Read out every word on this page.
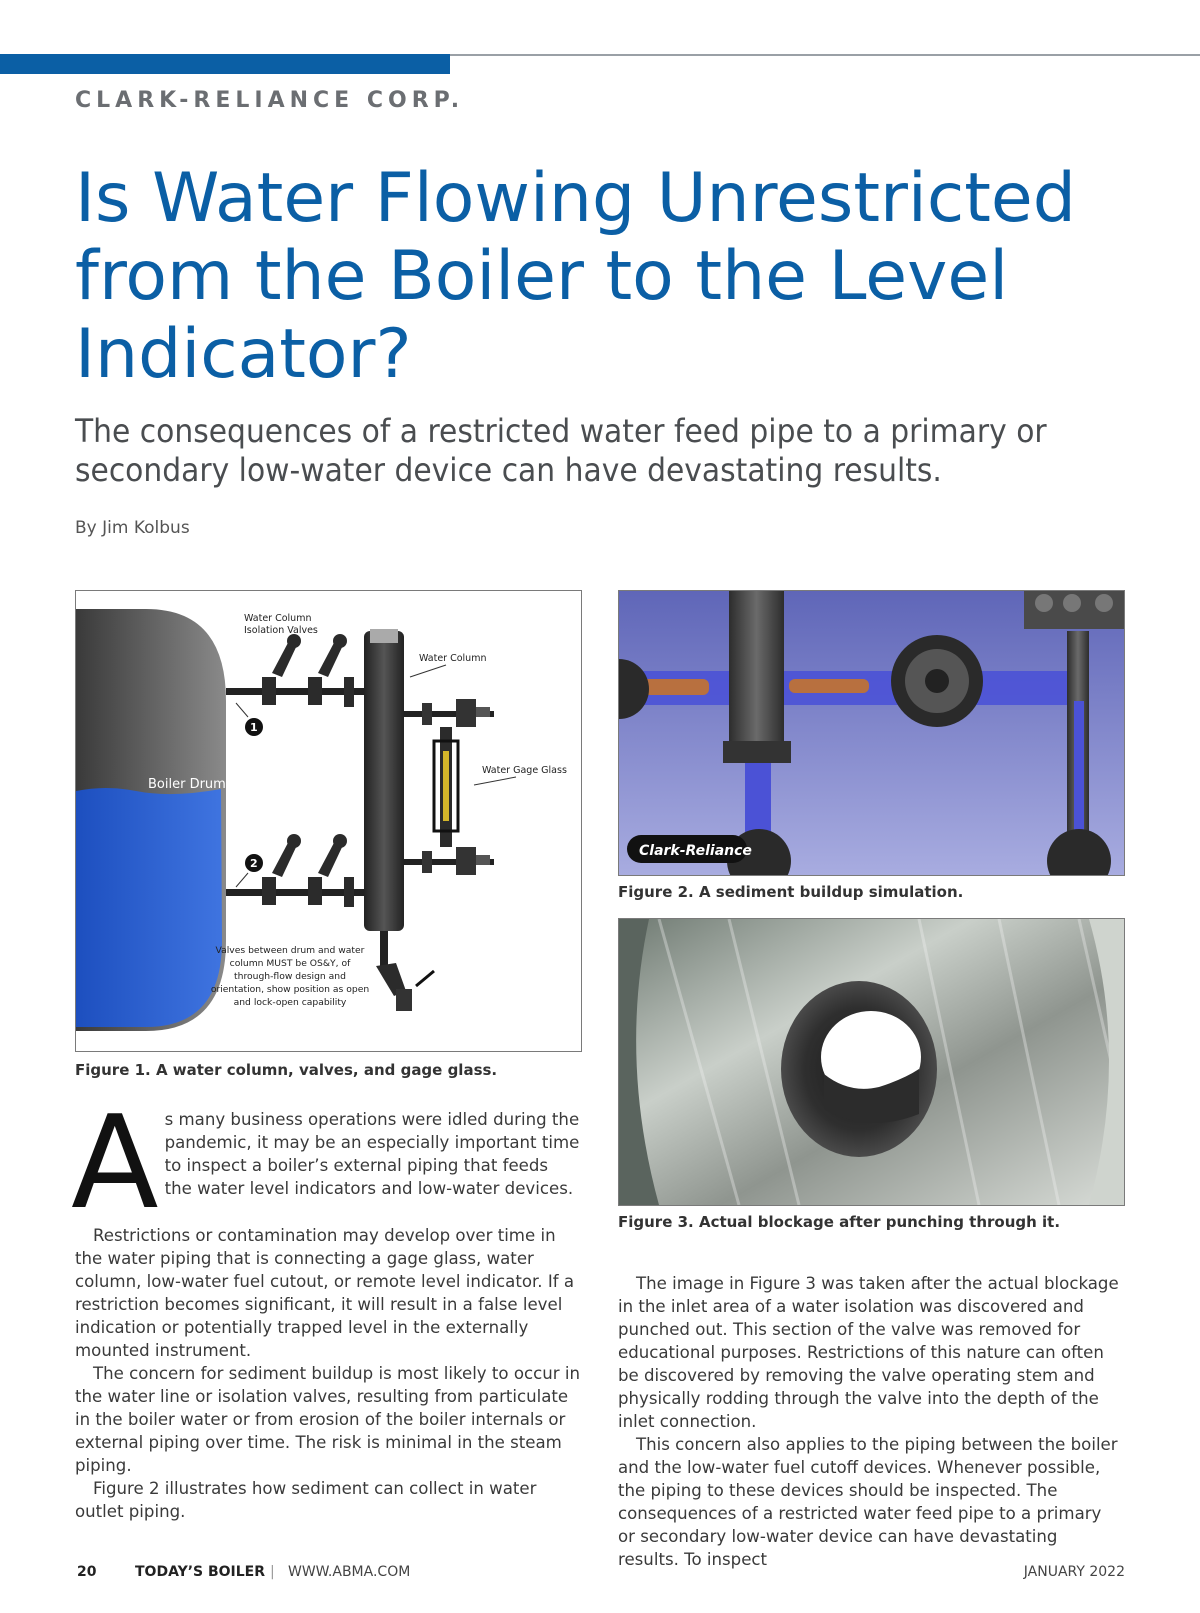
CLARK-RELIANCE CORP.
Is Water Flowing Unrestricted from the Boiler to the Level Indicator?

The consequences of a restricted water feed pipe to a primary or secondary low-water device can have devastating results.

By Jim Kolbus
Boiler Drum
Water Column
Isolation Valves
Water Column
Water Gage Glass
1
2
Valves between drum and water
column MUST be OS&Y, of
through-flow design and
orientation, show position as open
and lock-open capability
Figure 1. A water column, valves, and gage glass.
Clark-Reliance
Figure 2. A sediment buildup simulation.
Figure 3. Actual blockage after punching through it.

As many business operations were idled during the pandemic, it may be an especially important time to inspect a boiler’s external piping that feeds the water level indicators and low-water devices.

Restrictions or contamination may develop over time in the water piping that is connecting a gage glass, water column, low-water fuel cutout, or remote level indicator. If a restriction becomes significant, it will result in a false level indication or potentially trapped level in the externally mounted instrument.

The concern for sediment buildup is most likely to occur in the water line or isolation valves, resulting from particulate in the boiler water or from erosion of the boiler internals or external piping over time. The risk is minimal in the steam piping.

Figure 2 illustrates how sediment can collect in water outlet piping.

The image in Figure 3 was taken after the actual blockage in the inlet area of a water isolation was discovered and punched out. This section of the valve was removed for educational purposes. Restrictions of this nature can often be discovered by removing the valve operating stem and physically rodding through the valve into the depth of the inlet connection.

This concern also applies to the piping between the boiler and the low-water fuel cutoff devices. Whenever possible, the piping to these devices should be inspected. The consequences of a restricted water feed pipe to a primary or secondary low-water device can have devastating results. To inspect

20	TODAY’S BOILER | WWW.ABMA.COM	JANUARY 2022
